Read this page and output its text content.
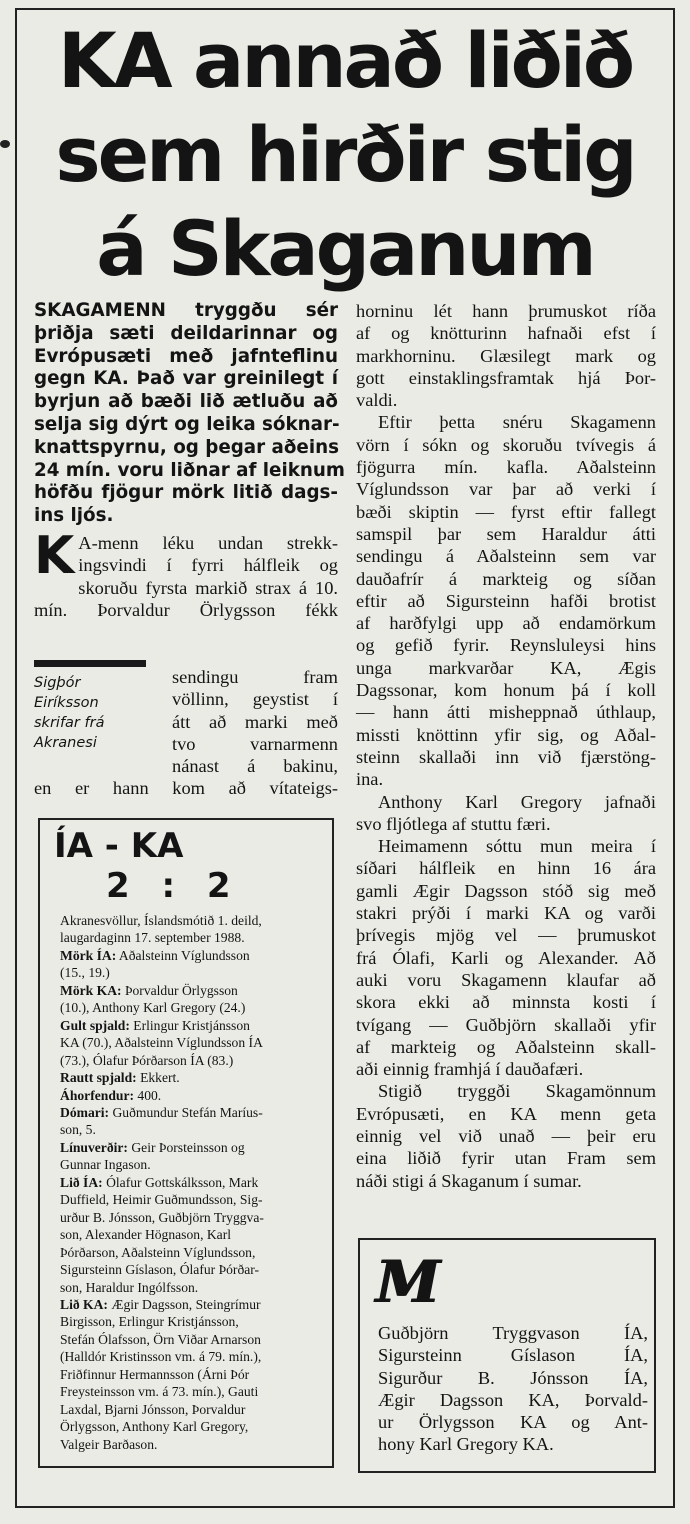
KA annað liðið
sem hirðir stig
á Skaganum
SKAGAMENN tryggðu sér
þriðja sæti deildarinnar og
Evrópusæti með jafnteflinu
gegn KA. Það var greinilegt í
byrjun að bæði lið ætluðu að
selja sig dýrt og leika sóknar-
knattspyrnu, og þegar aðeins
24 mín. voru liðnar af leiknum
höfðu fjögur mörk litið dags-
ins ljós.
K A-menn léku undan strekk-
ingsvindi í fyrri hálfleik og
skoruðu fyrsta markið strax á 10.
mín. Þorvaldur Örlygsson fékk
Sigþór
Eiríksson
skrifar frá
Akranesi
sendingu fram
völlinn, geystist í
átt að marki með
tvo varnarmenn
nánast á bakinu,
en er hann kom að vítateigs-
ÍA - KA
2 : 2
Akranesvöllur, Íslandsmótið 1. deild,
laugardaginn 17. september 1988.
Mörk ÍA: Aðalsteinn Víglundsson
(15., 19.)
Mörk KA: Þorvaldur Örlygsson
(10.), Anthony Karl Gregory (24.)
Gult spjald: Erlingur Kristjánsson
KA (70.), Aðalsteinn Víglundsson ÍA
(73.), Ólafur Þórðarson ÍA (83.)
Rautt spjald: Ekkert.
Áhorfendur: 400.
Dómari: Guðmundur Stefán Maríus-
son, 5.
Línuverðir: Geir Þorsteinsson og
Gunnar Ingason.
Lið ÍA: Ólafur Gottskálksson, Mark
Duffield, Heimir Guðmundsson, Sig-
urður B. Jónsson, Guðbjörn Tryggva-
son, Alexander Högnason, Karl
Þórðarson, Aðalsteinn Víglundsson,
Sigursteinn Gíslason, Ólafur Þórðar-
son, Haraldur Ingólfsson.
Lið KA: Ægir Dagsson, Steingrímur
Birgisson, Erlingur Kristjánsson,
Stefán Ólafsson, Örn Viðar Arnarson
(Halldór Kristinsson vm. á 79. mín.),
Friðfinnur Hermannsson (Árni Þór
Freysteinsson vm. á 73. mín.), Gauti
Laxdal, Bjarni Jónsson, Þorvaldur
Örlygsson, Anthony Karl Gregory,
Valgeir Barðason.
horninu lét hann þrumuskot ríða
af og knötturinn hafnaði efst í
markhorninu. Glæsilegt mark og
gott einstaklingsframtak hjá Þor-
valdi.
Eftir þetta snéru Skagamenn
vörn í sókn og skoruðu tvívegis á
fjögurra mín. kafla. Aðalsteinn
Víglundsson var þar að verki í
bæði skiptin — fyrst eftir fallegt
samspil þar sem Haraldur átti
sendingu á Aðalsteinn sem var
dauðafrír á markteig og síðan
eftir að Sigursteinn hafði brotist
af harðfylgi upp að endamörkum
og gefið fyrir. Reynsluleysi hins
unga markvarðar KA, Ægis
Dagssonar, kom honum þá í koll
— hann átti misheppnað úthlaup,
missti knöttinn yfir sig, og Aðal-
steinn skallaði inn við fjærstöng-
ina.
Anthony Karl Gregory jafnaði
svo fljótlega af stuttu færi.
Heimamenn sóttu mun meira í
síðari hálfleik en hinn 16 ára
gamli Ægir Dagsson stóð sig með
stakri prýði í marki KA og varði
þrívegis mjög vel — þrumuskot
frá Ólafi, Karli og Alexander. Að
auki voru Skagamenn klaufar að
skora ekki að minnsta kosti í
tvígang — Guðbjörn skallaði yfir
af markteig og Aðalsteinn skall-
aði einnig framhjá í dauðafæri.
Stigið tryggði Skagamönnum
Evrópusæti, en KA menn geta
einnig vel við unað — þeir eru
eina liðið fyrir utan Fram sem
náði stigi á Skaganum í sumar.
M
Guðbjörn Tryggvason ÍA,
Sigursteinn Gíslason ÍA,
Sigurður B. Jónsson ÍA,
Ægir Dagsson KA, Þorvald-
ur Örlygsson KA og Ant-
hony Karl Gregory KA.
